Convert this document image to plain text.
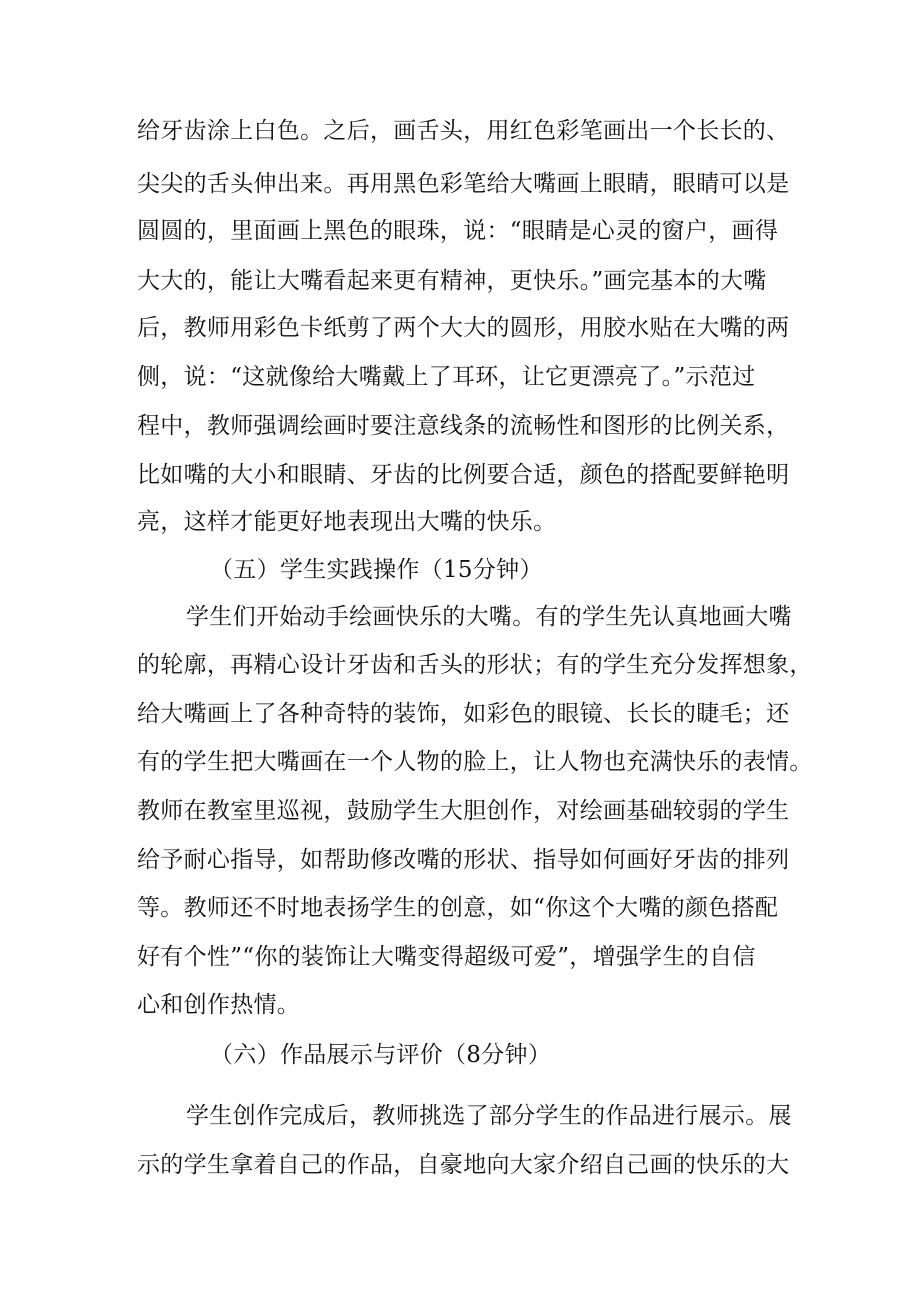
给牙齿涂上白色。之后，画舌头，用红色彩笔画出一个长长的、
尖尖的舌头伸出来。再用黑色彩笔给大嘴画上眼睛，眼睛可以是
圆圆的，里面画上黑色的眼珠，说：“眼睛是心灵的窗户，画得
大大的，能让大嘴看起来更有精神，更快乐。”画完基本的大嘴
后，教师用彩色卡纸剪了两个大大的圆形，用胶水贴在大嘴的两
侧，说：“这就像给大嘴戴上了耳环，让它更漂亮了。”示范过
程中，教师强调绘画时要注意线条的流畅性和图形的比例关系，
比如嘴的大小和眼睛、牙齿的比例要合适，颜色的搭配要鲜艳明
亮，这样才能更好地表现出大嘴的快乐。
（五）学生实践操作（15分钟）
学生们开始动手绘画快乐的大嘴。有的学生先认真地画大嘴
的轮廓，再精心设计牙齿和舌头的形状；有的学生充分发挥想象，
给大嘴画上了各种奇特的装饰，如彩色的眼镜、长长的睫毛；还
有的学生把大嘴画在一个人物的脸上，让人物也充满快乐的表情。
教师在教室里巡视，鼓励学生大胆创作，对绘画基础较弱的学生
给予耐心指导，如帮助修改嘴的形状、指导如何画好牙齿的排列
等。教师还不时地表扬学生的创意，如“你这个大嘴的颜色搭配
好有个性”“你的装饰让大嘴变得超级可爱”，增强学生的自信
心和创作热情。
（六）作品展示与评价（8分钟）
学生创作完成后，教师挑选了部分学生的作品进行展示。展
示的学生拿着自己的作品，自豪地向大家介绍自己画的快乐的大
